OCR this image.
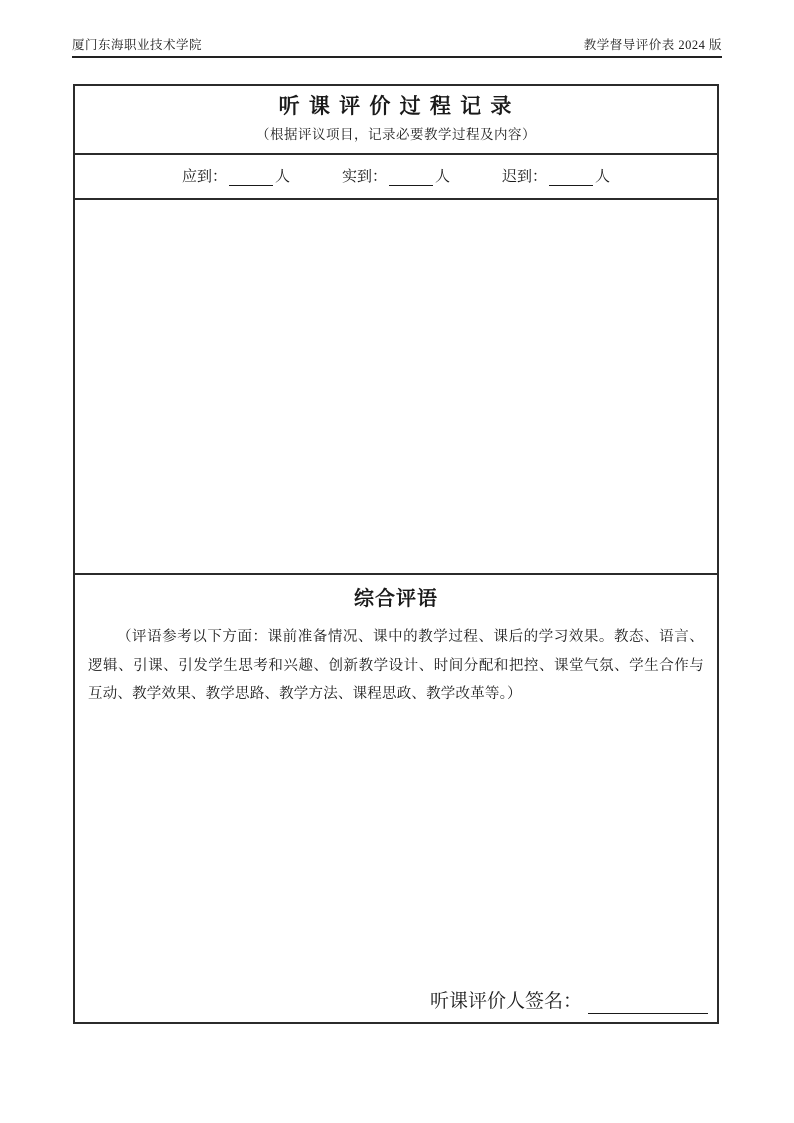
厦门东海职业技术学院	教学督导评价表 2024 版
听 课 评 价 过 程 记 录
（根据评议项目，记录必要教学过程及内容）
应到：	人	实到：	人	迟到：	人
综合评语
（评语参考以下方面：课前准备情况、课中的教学过程、课后的学习效果。教态、语言、逻辑、引课、引发学生思考和兴趣、创新教学设计、时间分配和把控、课堂气氛、学生合作与互动、教学效果、教学思路、教学方法、课程思政、教学改革等。）
听课评价人签名：
